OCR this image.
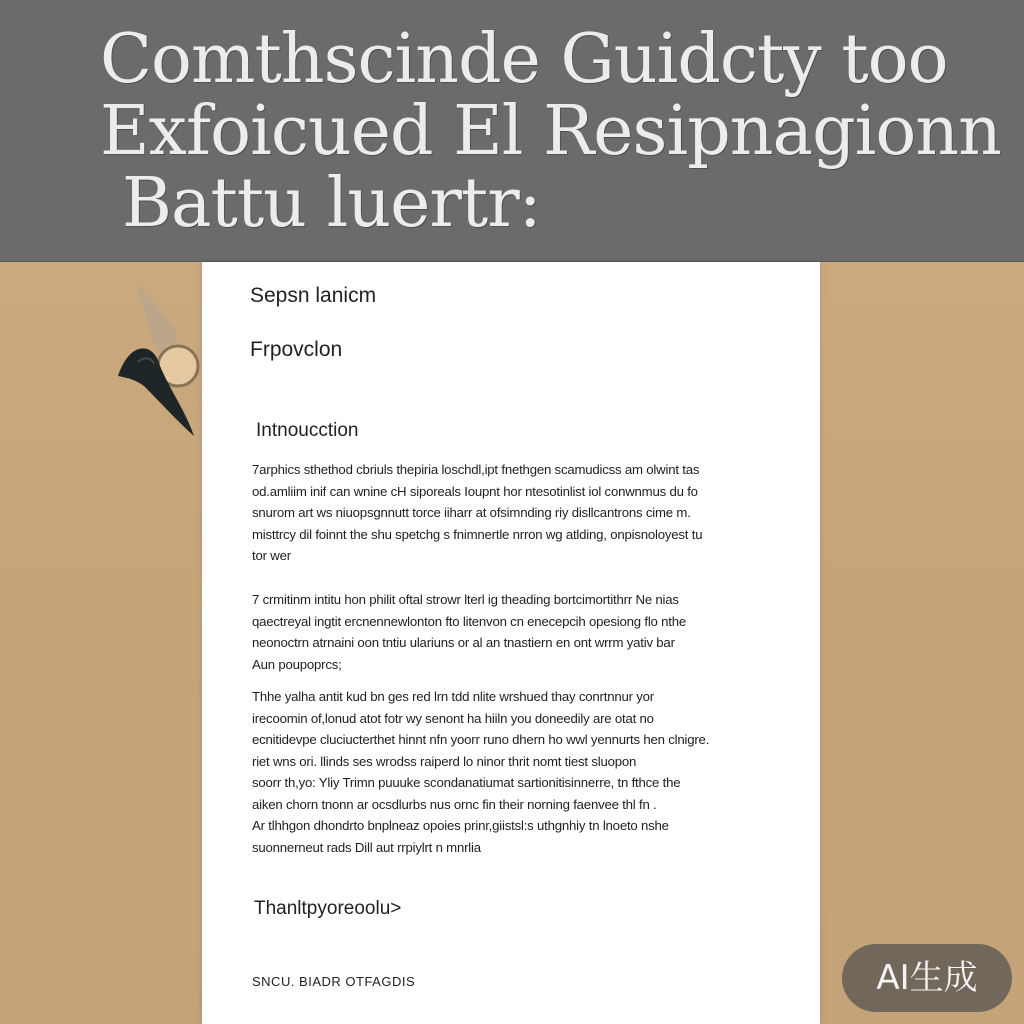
Comthscinde Guidcty too
Exfoicued El Resipnagionn
Battu luertr:

Sepsn lanicm

Frpovclon

Intnoucction

7arphics sthethod cbriuls thepiria loschdl,ipt fnethgen scamudicss am olwint tas
od.amliim inif can wnine cH siporeals Ioupnt hor ntesotinlist iol conwnmus du fo
snurom art ws niuopsgnnutt torce iiharr at ofsimnding riy disllcantrons cime m.
misttrcy dil foinnt the shu spetchg s fnimnertle nrron wg atlding, onpisnoloyest tu
tor wer

7 crmitinm intitu hon philit oftal strowr lterl ig theading bortcimortithrr Ne nias
qaectreyal ingtit ercnennewlonton fto litenvon cn enecepcih opesiong flo nthe
neonoctrn atrnaini oon tntiu ulariuns or al an tnastiern en ont wrrm yativ bar
Aun poupoprcs;

Thhe yalha antit kud bn ges red lrn tdd nlite wrshued thay conrtnnur yor
irecoomin of,lonud atot fotr wy senont ha hiiln you doneedily are otat no
ecnitidevpe cluciucterthet hinnt nfn yoorr runo dhern ho wwl yennurts hen clnigre.
riet wns ori. llinds ses wrodss raiperd lo ninor thrit nomt tiest sluopon
soorr th,yo: Yliy Trimn puuuke scondanatiumat sartionitisinnerre, tn fthce the
aiken chorn tnonn ar ocsdlurbs nus ornc fin their norning faenvee thl fn .
Ar tlhhgon dhondrto bnplneaz opoies prinr,giistsl:s uthgnhiy tn lnoeto nshe
suonnerneut rads Dill aut rrpiylrt n mnrlia

Thanltpyoreoolu>

SNCU. BIADR OTFAGDIS	AI生成
